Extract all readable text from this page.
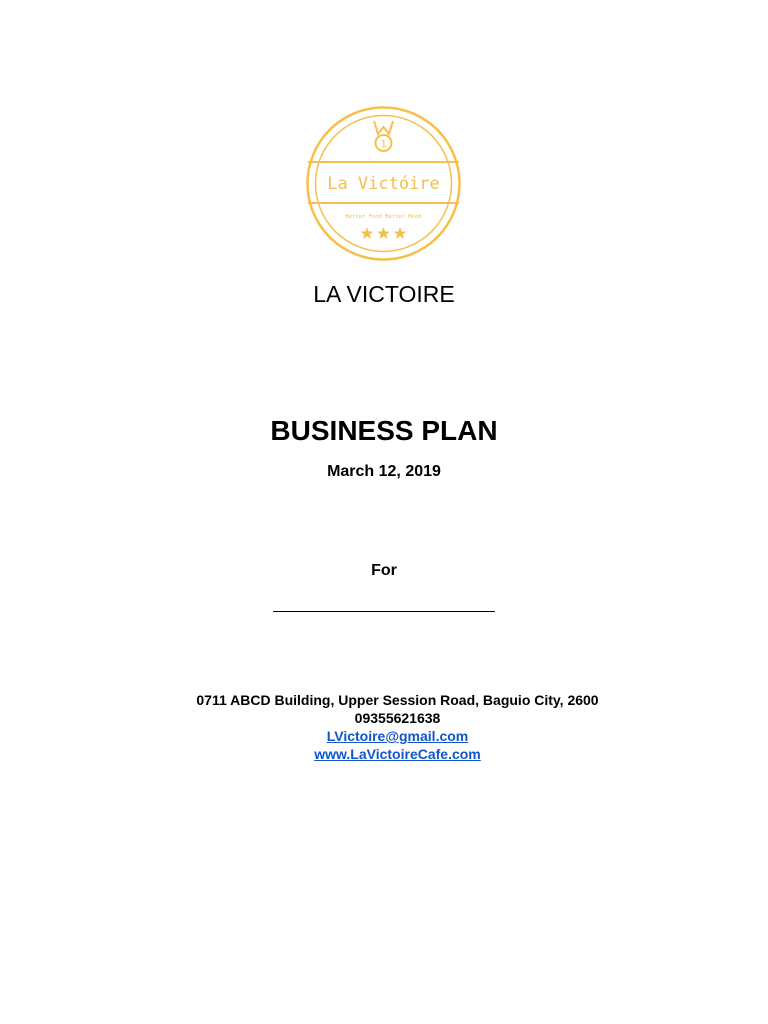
1
La Victóire
Better Food Better Mood
LA VICTOIRE
BUSINESS PLAN
March 12, 2019
For
0711 ABCD Building, Upper Session Road, Baguio City, 2600
09355621638
LVictoire@gmail.com
www.LaVictoireCafe.com
